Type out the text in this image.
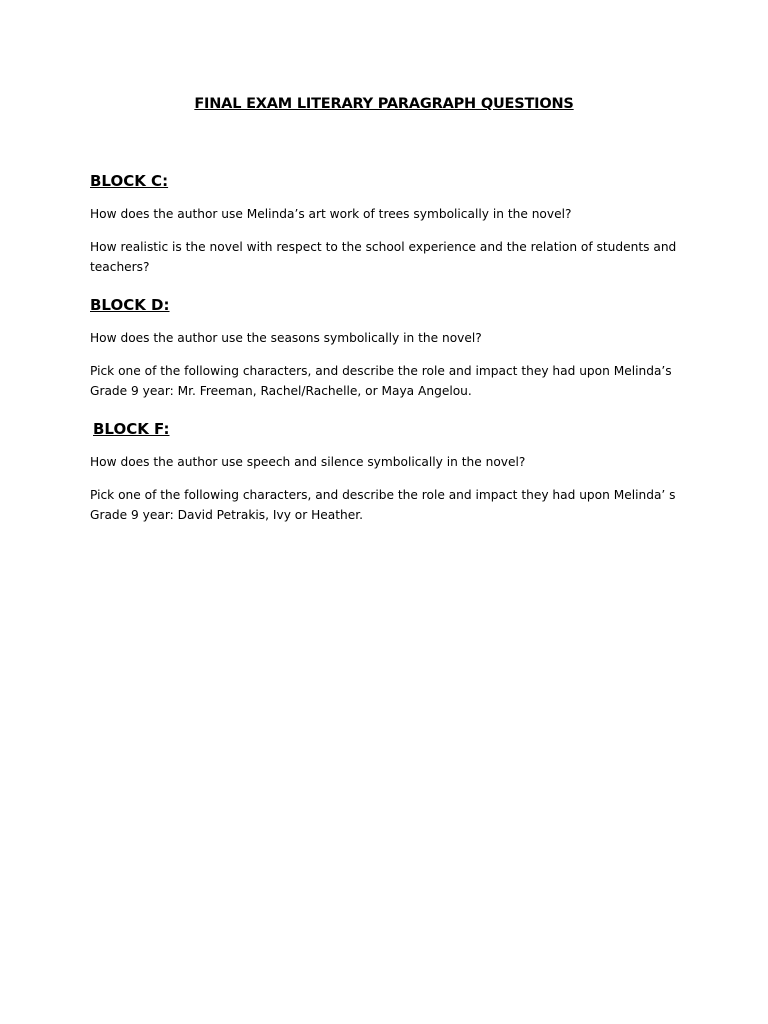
FINAL EXAM LITERARY PARAGRAPH QUESTIONS
BLOCK C:

How does the author use Melinda’s art work of trees symbolically in the novel?

How realistic is the novel with respect to the school experience and the relation of students and teachers?

BLOCK D:

How does the author use the seasons symbolically in the novel?

Pick one of the following characters, and describe the role and impact they had upon Melinda’s Grade 9 year: Mr. Freeman, Rachel/Rachelle, or Maya Angelou.

BLOCK F:

How does the author use speech and silence symbolically in the novel?

Pick one of the following characters, and describe the role and impact they had upon Melinda’ s Grade 9 year: David Petrakis, Ivy or Heather.
